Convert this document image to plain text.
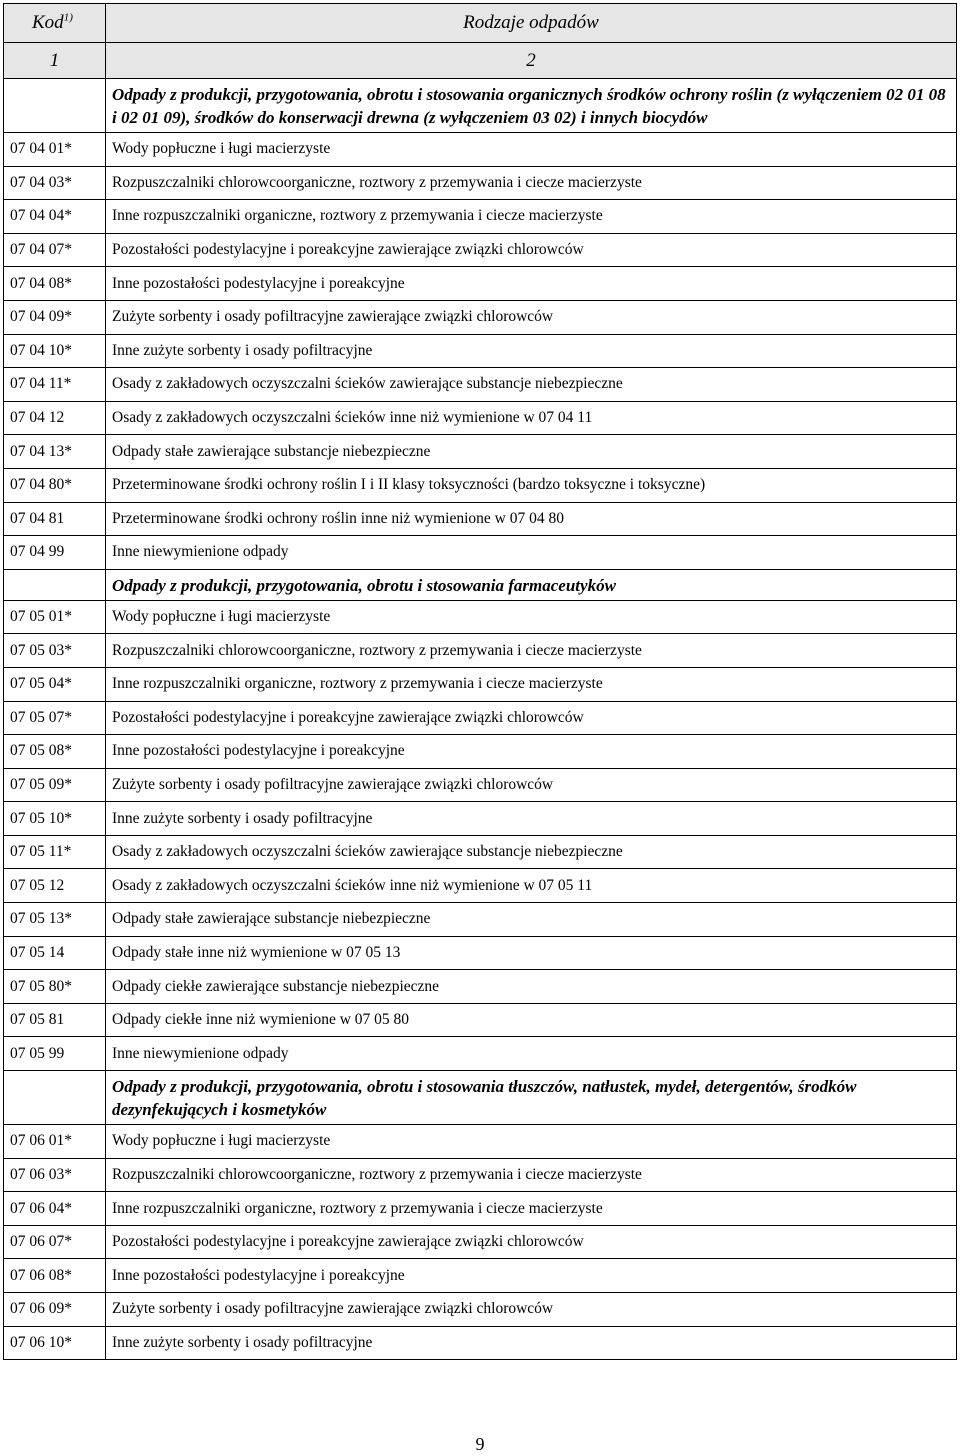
Kod$^{1)}$	Rodzaje odpadów
1	2
	Odpady z produkcji, przygotowania, obrotu i stosowania organicznych środków ochrony roślin (z wyłączeniem 02 01 08 i 02 01 09), środków do konserwacji drewna (z wyłączeniem 03 02) i innych biocydów
07 04 01*	Wody popłuczne i ługi macierzyste
07 04 03*	Rozpuszczalniki chlorowcoorganiczne, roztwory z przemywania i ciecze macierzyste
07 04 04*	Inne rozpuszczalniki organiczne, roztwory z przemywania i ciecze macierzyste
07 04 07*	Pozostałości podestylacyjne i poreakcyjne zawierające związki chlorowców
07 04 08*	Inne pozostałości podestylacyjne i poreakcyjne
07 04 09*	Zużyte sorbenty i osady pofiltracyjne zawierające związki chlorowców
07 04 10*	Inne zużyte sorbenty i osady pofiltracyjne
07 04 11*	Osady z zakładowych oczyszczalni ścieków zawierające substancje niebezpieczne
07 04 12	Osady z zakładowych oczyszczalni ścieków inne niż wymienione w 07 04 11
07 04 13*	Odpady stałe zawierające substancje niebezpieczne
07 04 80*	Przeterminowane środki ochrony roślin I i II klasy toksyczności (bardzo toksyczne i toksyczne)
07 04 81	Przeterminowane środki ochrony roślin inne niż wymienione w 07 04 80
07 04 99	Inne niewymienione odpady
	Odpady z produkcji, przygotowania, obrotu i stosowania farmaceutyków
07 05 01*	Wody popłuczne i ługi macierzyste
07 05 03*	Rozpuszczalniki chlorowcoorganiczne, roztwory z przemywania i ciecze macierzyste
07 05 04*	Inne rozpuszczalniki organiczne, roztwory z przemywania i ciecze macierzyste
07 05 07*	Pozostałości podestylacyjne i poreakcyjne zawierające związki chlorowców
07 05 08*	Inne pozostałości podestylacyjne i poreakcyjne
07 05 09*	Zużyte sorbenty i osady pofiltracyjne zawierające związki chlorowców
07 05 10*	Inne zużyte sorbenty i osady pofiltracyjne
07 05 11*	Osady z zakładowych oczyszczalni ścieków zawierające substancje niebezpieczne
07 05 12	Osady z zakładowych oczyszczalni ścieków inne niż wymienione w 07 05 11
07 05 13*	Odpady stałe zawierające substancje niebezpieczne
07 05 14	Odpady stałe inne niż wymienione w 07 05 13
07 05 80*	Odpady ciekłe zawierające substancje niebezpieczne
07 05 81	Odpady ciekłe inne niż wymienione w 07 05 80
07 05 99	Inne niewymienione odpady
	Odpady z produkcji, przygotowania, obrotu i stosowania tłuszczów, natłustek, mydeł, detergentów, środków dezynfekujących i kosmetyków
07 06 01*	Wody popłuczne i ługi macierzyste
07 06 03*	Rozpuszczalniki chlorowcoorganiczne, roztwory z przemywania i ciecze macierzyste
07 06 04*	Inne rozpuszczalniki organiczne, roztwory z przemywania i ciecze macierzyste
07 06 07*	Pozostałości podestylacyjne i poreakcyjne zawierające związki chlorowców
07 06 08*	Inne pozostałości podestylacyjne i poreakcyjne
07 06 09*	Zużyte sorbenty i osady pofiltracyjne zawierające związki chlorowców
07 06 10*	Inne zużyte sorbenty i osady pofiltracyjne
9
